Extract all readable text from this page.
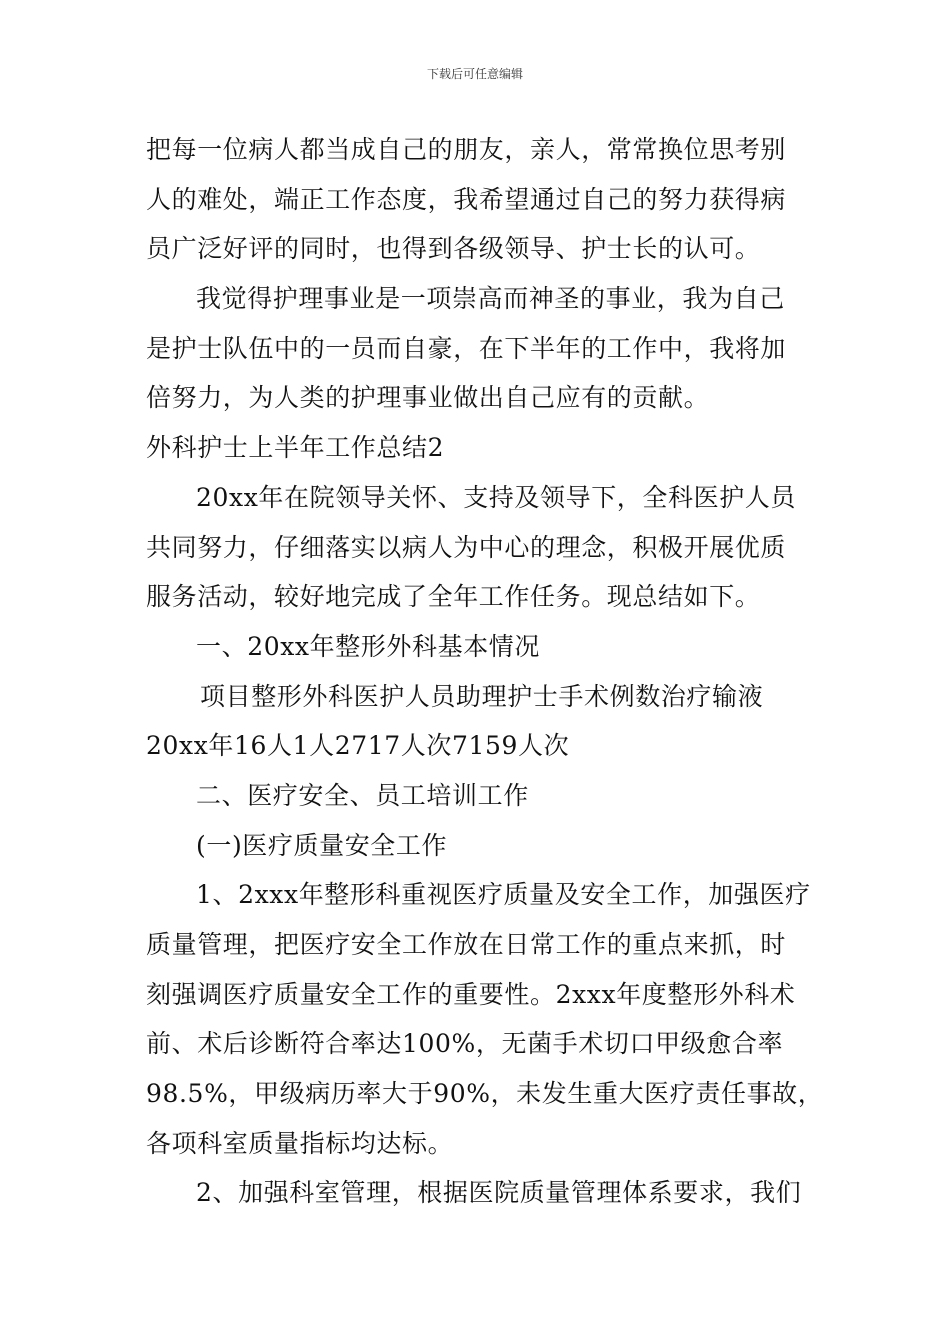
下载后可任意编辑
把每一位病人都当成自己的朋友，亲人，常常换位思考别
人的难处，端正工作态度，我希望通过自己的努力获得病
员广泛好评的同时，也得到各级领导、护士长的认可。
我觉得护理事业是一项崇高而神圣的事业，我为自己
是护士队伍中的一员而自豪，在下半年的工作中，我将加
倍努力，为人类的护理事业做出自己应有的贡献。
外科护士上半年工作总结2
20xx年在院领导关怀、支持及领导下，全科医护人员
共同努力，仔细落实以病人为中心的理念，积极开展优质
服务活动，较好地完成了全年工作任务。现总结如下。
一、20xx年整形外科基本情况
项目整形外科医护人员助理护士手术例数治疗输液
20xx年16人1人2717人次7159人次
二、医疗安全、员工培训工作
(一)医疗质量安全工作
1、2xxx年整形科重视医疗质量及安全工作，加强医疗
质量管理，把医疗安全工作放在日常工作的重点来抓，时
刻强调医疗质量安全工作的重要性。2xxx年度整形外科术
前、术后诊断符合率达100%，无菌手术切口甲级愈合率
98.5%，甲级病历率大于90%，未发生重大医疗责任事故，
各项科室质量指标均达标。
2、加强科室管理，根据医院质量管理体系要求，我们
